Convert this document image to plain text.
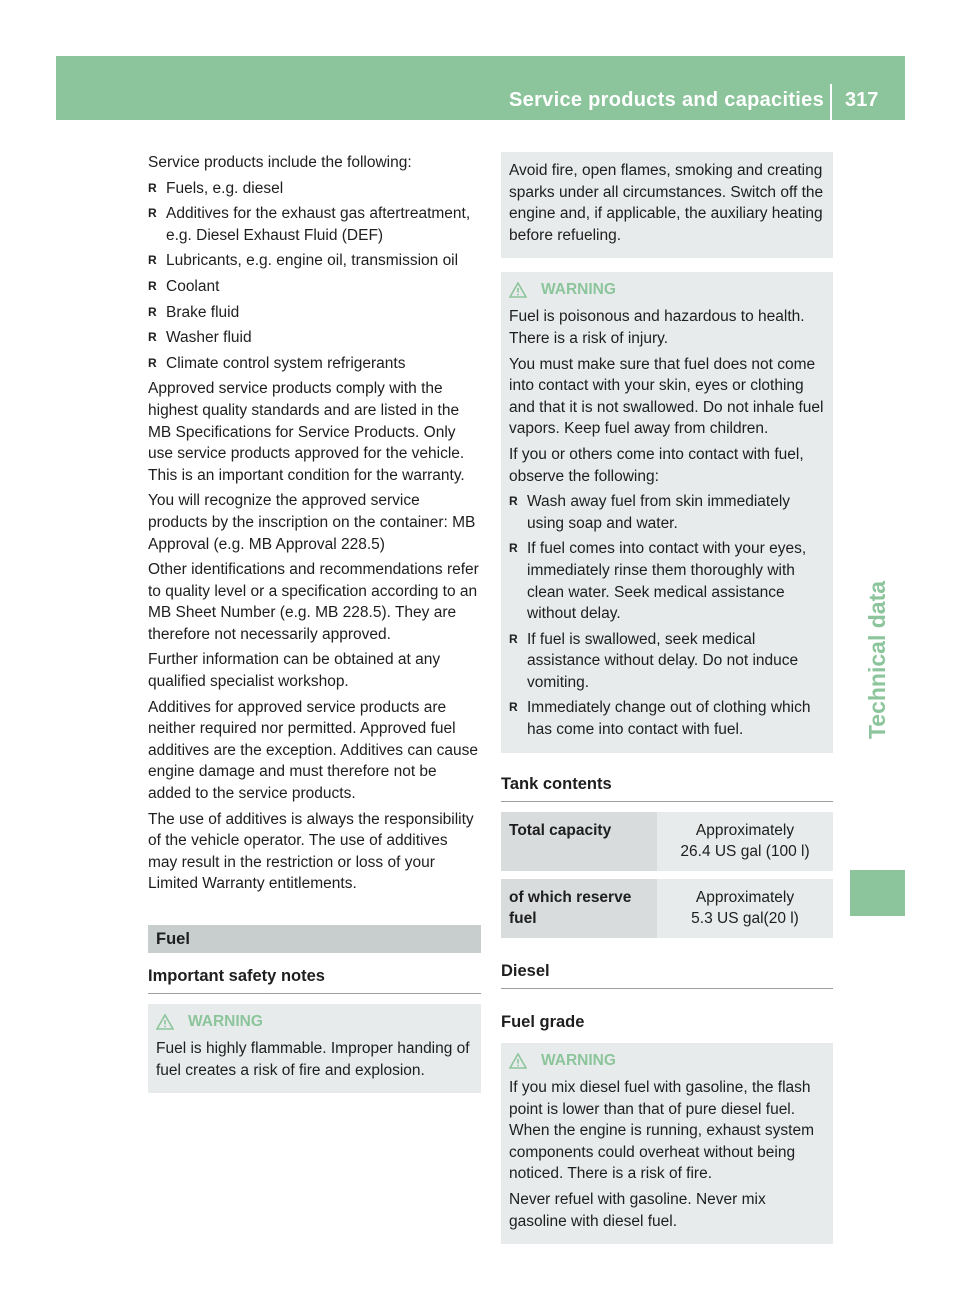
Service products and capacities 317
Technical data

Service products include the following:

R Fuels, e.g. diesel
R Additives for the exhaust gas aftertreatment, e.g. Diesel Exhaust Fluid (DEF)
R Lubricants, e.g. engine oil, transmission oil
R Coolant
R Brake fluid
R Washer fluid
R Climate control system refrigerants

Approved service products comply with the highest quality standards and are listed in the MB Specifications for Service Products. Only use service products approved for the vehicle. This is an important condition for the warranty.

You will recognize the approved service products by the inscription on the container: MB Approval (e.g. MB Approval 228.5)

Other identifications and recommendations refer to quality level or a specification according to an MB Sheet Number (e.g. MB 228.5). They are therefore not necessarily approved.

Further information can be obtained at any qualified specialist workshop.

Additives for approved service products are neither required nor permitted. Approved fuel additives are the exception. Additives can cause engine damage and must therefore not be added to the service products.

The use of additives is always the responsibility of the vehicle operator. The use of additives may result in the restriction or loss of your Limited Warranty entitlements.

Fuel
Important safety notes
WARNING

Fuel is highly flammable. Improper handing of fuel creates a risk of fire and explosion.

Avoid fire, open flames, smoking and creating sparks under all circumstances. Switch off the engine and, if applicable, the auxiliary heating before refueling.

WARNING

Fuel is poisonous and hazardous to health. There is a risk of injury.

You must make sure that fuel does not come into contact with your skin, eyes or clothing and that it is not swallowed. Do not inhale fuel vapors. Keep fuel away from children.

If you or others come into contact with fuel, observe the following:

R Wash away fuel from skin immediately using soap and water.
R If fuel comes into contact with your eyes, immediately rinse them thoroughly with clean water. Seek medical assistance without delay.
R If fuel is swallowed, seek medical assistance without delay. Do not induce vomiting.
R Immediately change out of clothing which has come into contact with fuel.
Tank contents
Total capacity	Approximately
26.4 US gal (100 l)

of which reserve fuel	Approximately
5.3 US gal(20 l)
Diesel
Fuel grade
WARNING

If you mix diesel fuel with gasoline, the flash point is lower than that of pure diesel fuel. When the engine is running, exhaust system components could overheat without being noticed. There is a risk of fire.

Never refuel with gasoline. Never mix gasoline with diesel fuel.
